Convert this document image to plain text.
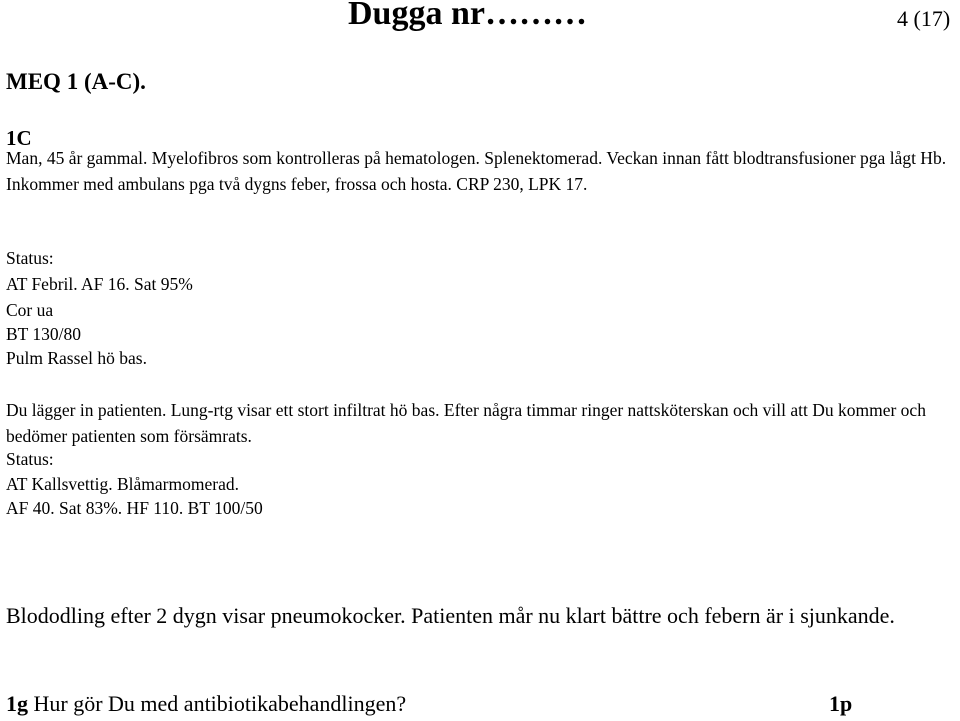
Dugga nr………	4 (17)
MEQ 1 (A-C).
1C
Man, 45 år gammal. Myelofibros som kontrolleras på hematologen. Splenektomerad. Veckan innan fått blodtransfusioner pga lågt Hb. Inkommer med ambulans pga två dygns feber, frossa och hosta. CRP 230, LPK 17.
Status:
AT Febril. AF 16. Sat 95%
Cor ua
BT 130/80
Pulm Rassel hö bas.
Du lägger in patienten. Lung-rtg visar ett stort infiltrat hö bas. Efter några timmar ringer nattsköterskan och vill att Du kommer och bedömer patienten som försämrats.
Status:
AT Kallsvettig. Blåmarmomerad.
AF 40. Sat 83%. HF 110. BT 100/50
Blododling efter 2 dygn visar pneumokocker. Patienten mår nu klart bättre och febern är i sjunkande.
1g Hur gör Du med antibiotikabehandlingen?	1p
